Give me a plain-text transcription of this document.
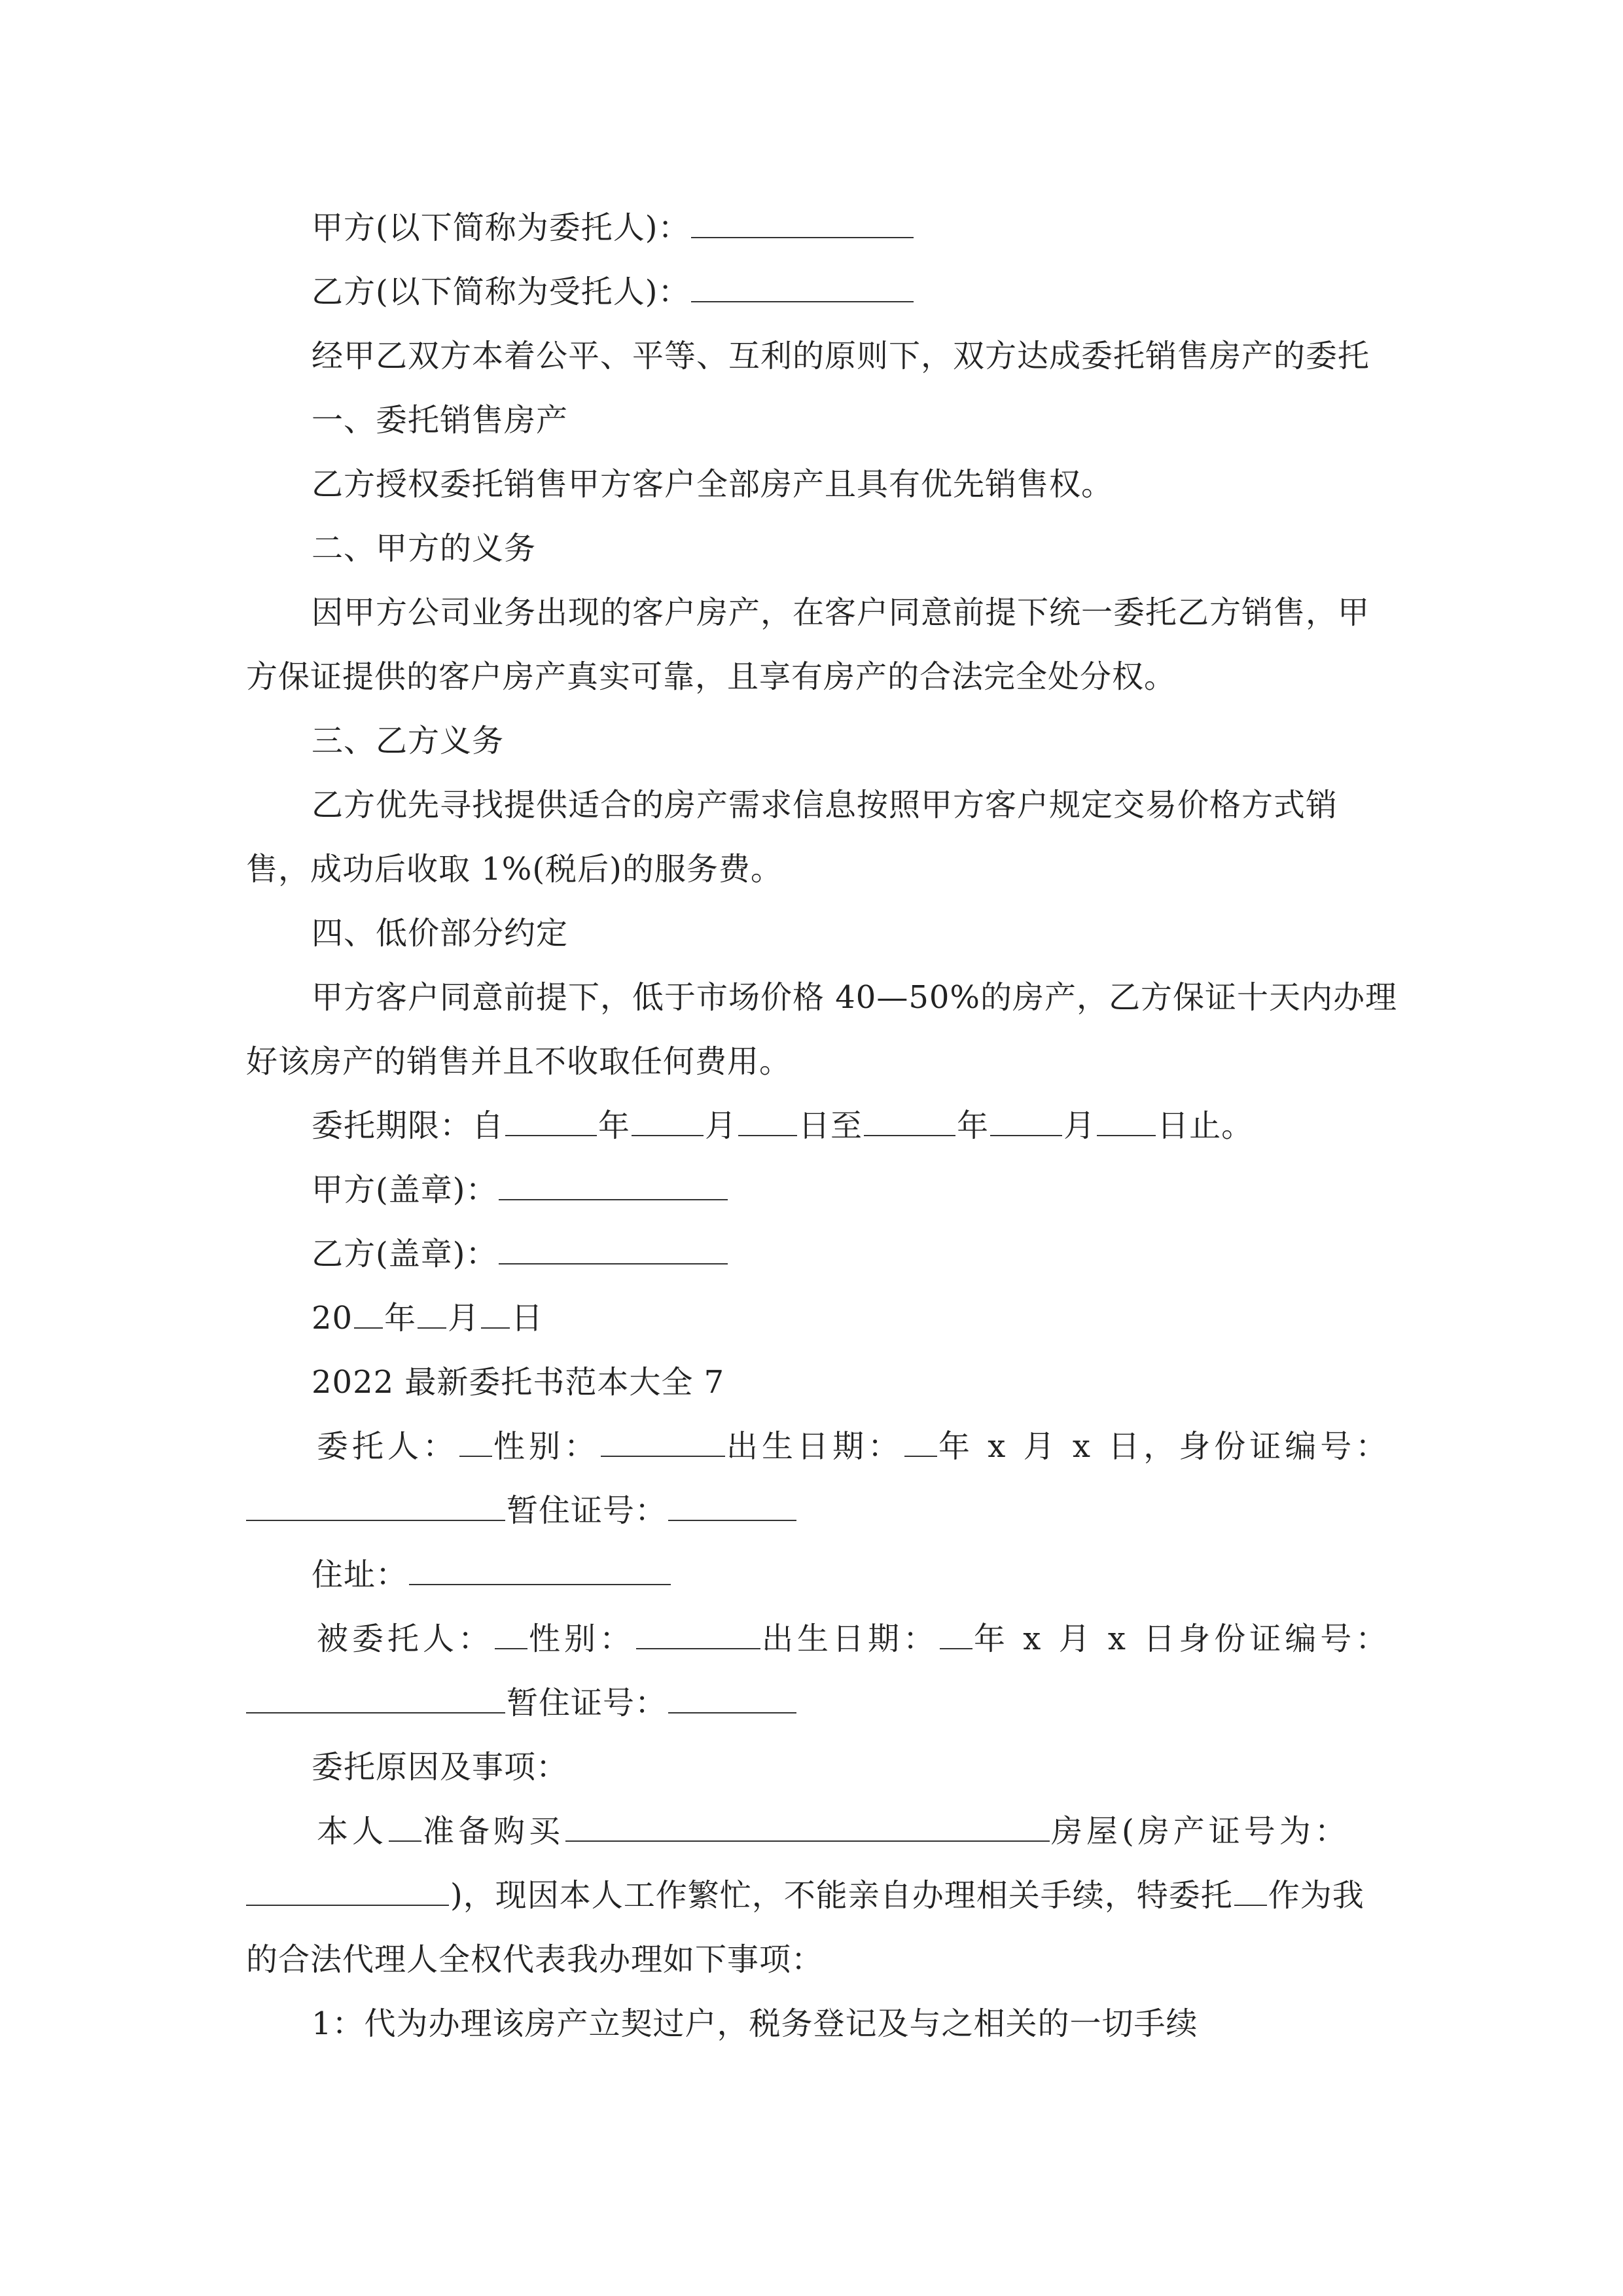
甲方(以下简称为委托人)：
乙方(以下简称为受托人)：
经甲乙双方本着公平、平等、互利的原则下，双方达成委托销售房产的委托
一、委托销售房产
乙方授权委托销售甲方客户全部房产且具有优先销售权。
二、甲方的义务
因甲方公司业务出现的客户房产，在客户同意前提下统一委托乙方销售，甲
方保证提供的客户房产真实可靠，且享有房产的合法完全处分权。
三、乙方义务
乙方优先寻找提供适合的房产需求信息按照甲方客户规定交易价格方式销
售，成功后收取 1%(税后)的服务费。
四、低价部分约定
甲方客户同意前提下，低于市场价格 40—50%的房产，乙方保证十天内办理
好该房产的销售并且不收取任何费用。
委托期限：自	年 月 日至	年 月 日止。
甲方(盖章)：
乙方(盖章)：
20 年 月 日
2022 最新委托书范本大全 7
委托人： 性别：	出生日期： 年 x 月 x 日，身份证编号：
暂住证号：
住址：
被委托人： 性别：	出生日期： 年 x 月 x 日身份证编号：
暂住证号：
委托原因及事项：
本人 准备购买	房屋(房产证号为：
)，现因本人工作繁忙，不能亲自办理相关手续，特委托 作为我
的合法代理人全权代表我办理如下事项：
1：代为办理该房产立契过户，税务登记及与之相关的一切手续
